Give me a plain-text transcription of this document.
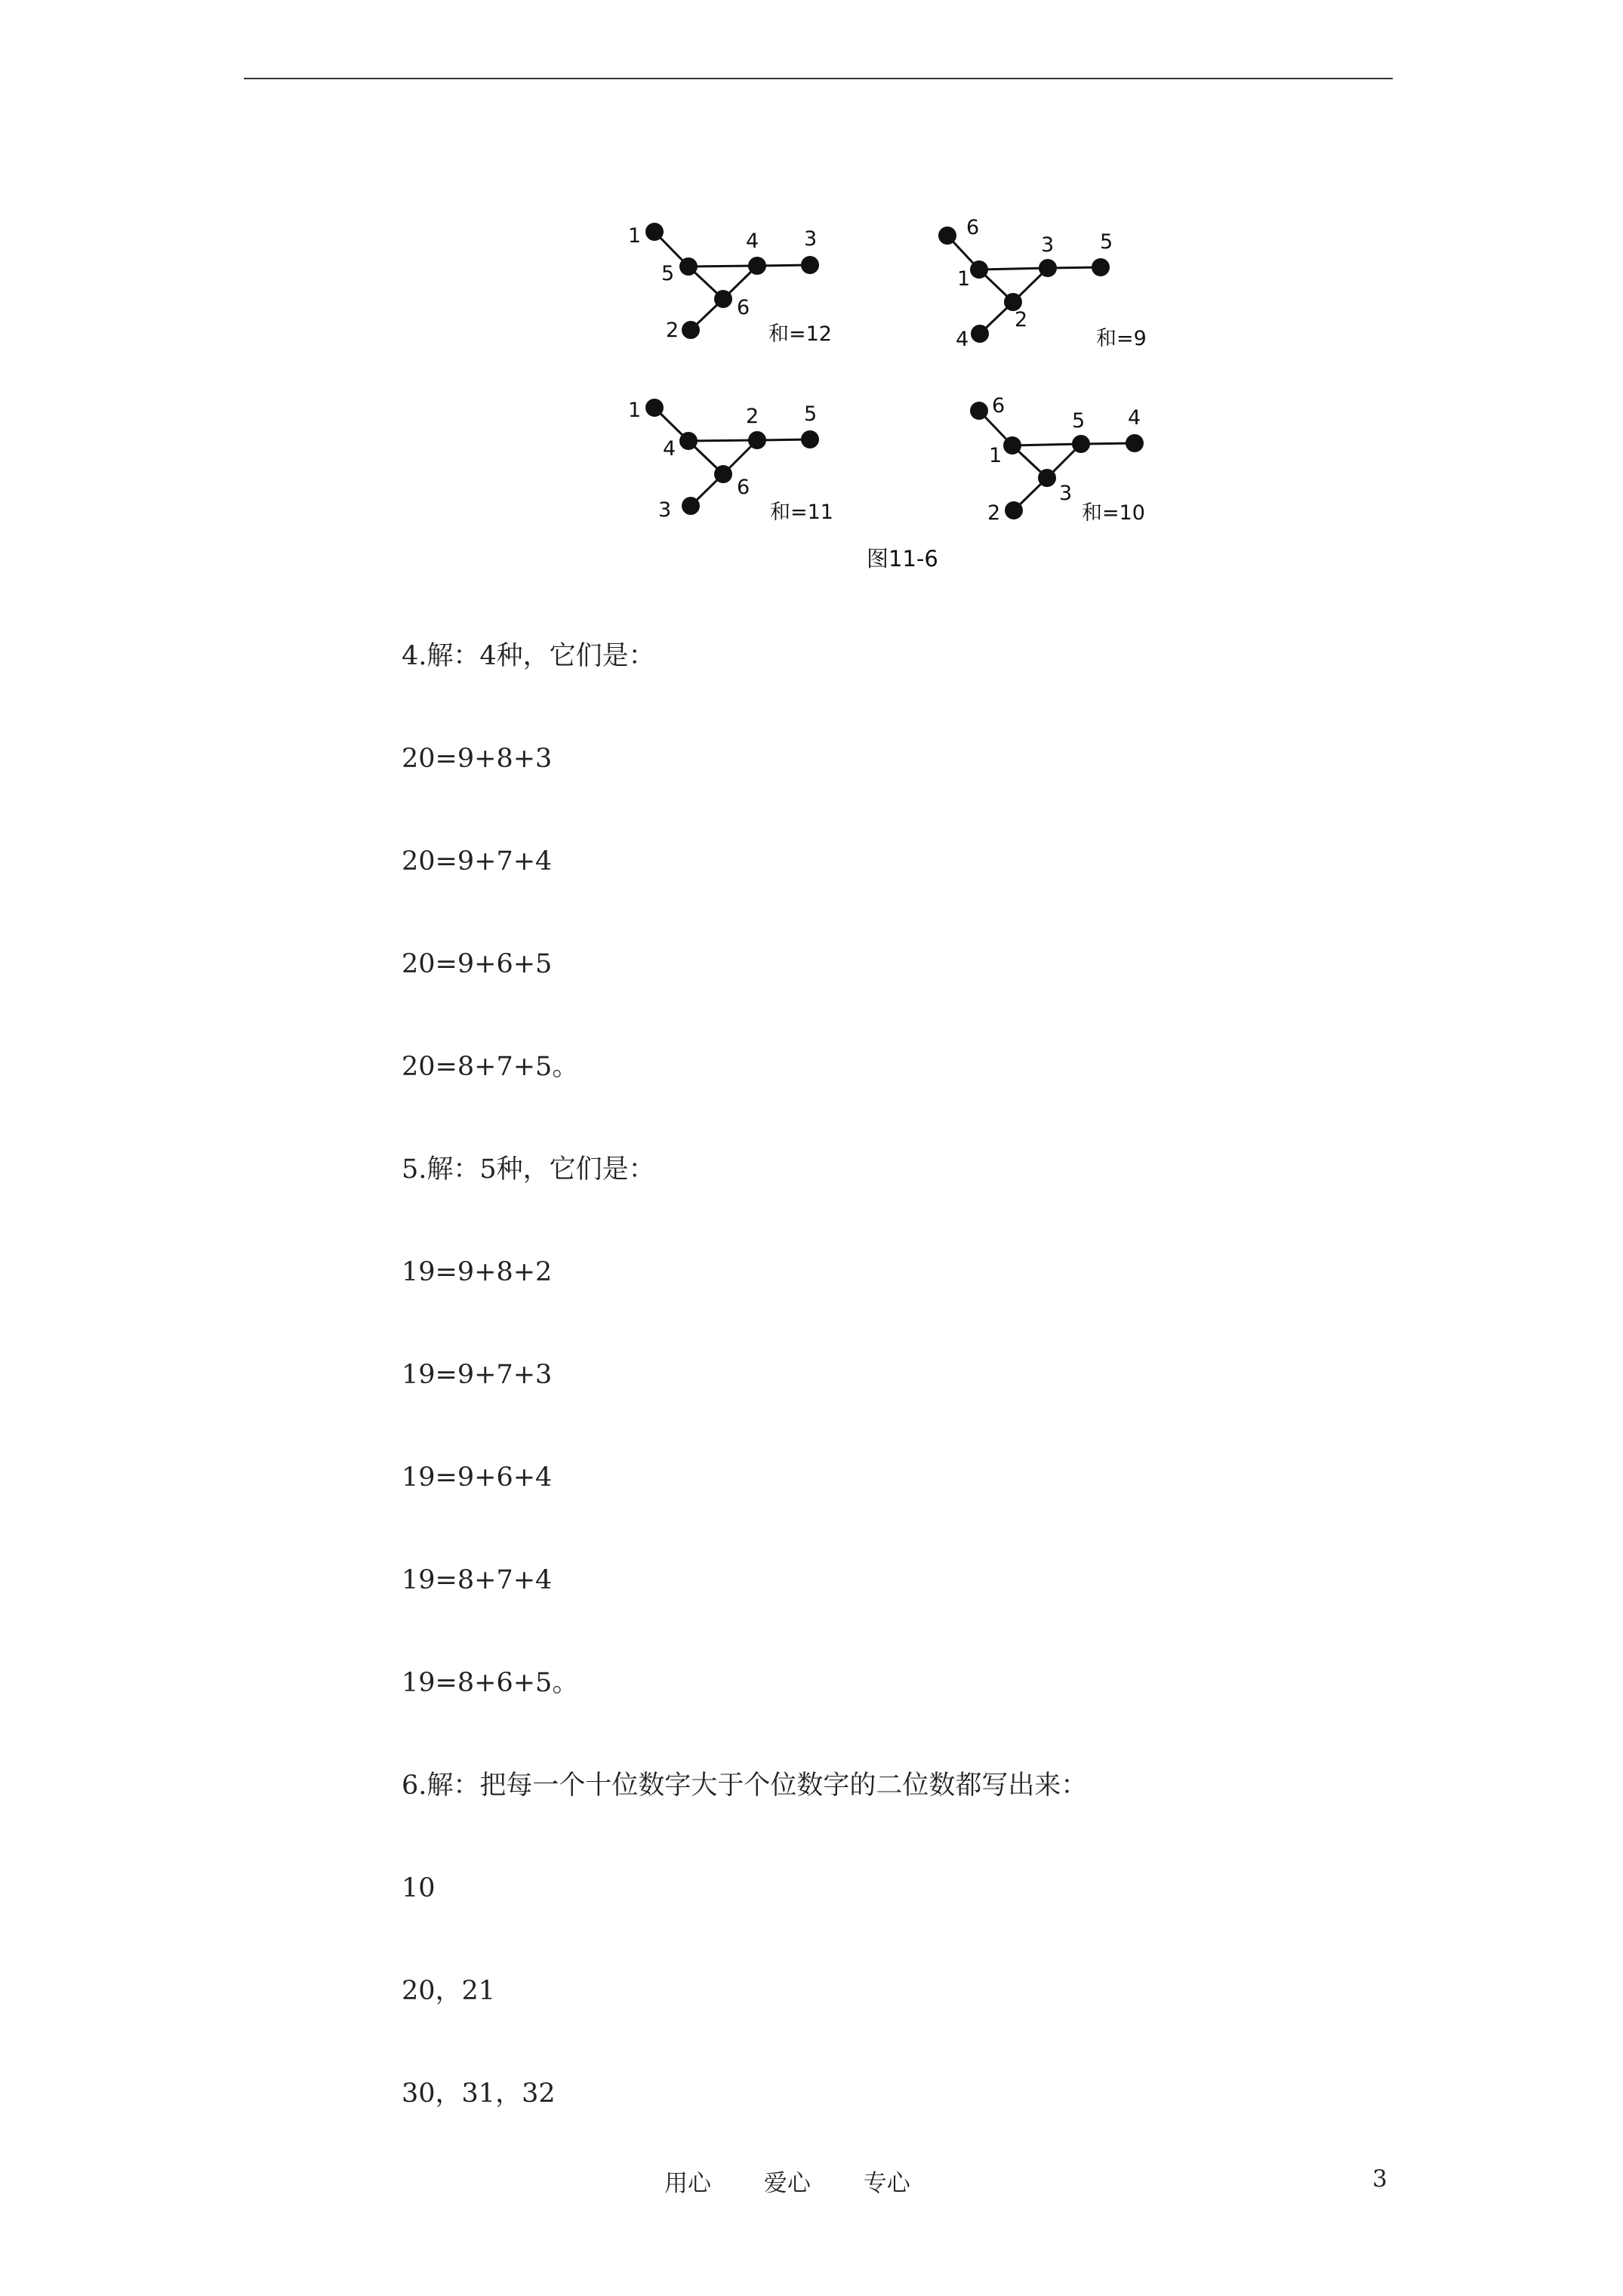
1
5
4 3
6
2	和=12
6
1
3 5
2
4	和=9
1
4
2 5
6
3	和=11
6
1
5 4
3
2	和=10
图11-6
4.解：4种，它们是：
20=9+8+3
20=9+7+4
20=9+6+5
20=8+7+5。
5.解：5种，它们是：
19=9+8+2
19=9+7+3
19=9+6+4
19=8+7+4
19=8+6+5。
6.解：把每一个十位数字大于个位数字的二位数都写出来：
10
20，21
30，31，32
用心 爱心 专心	3
